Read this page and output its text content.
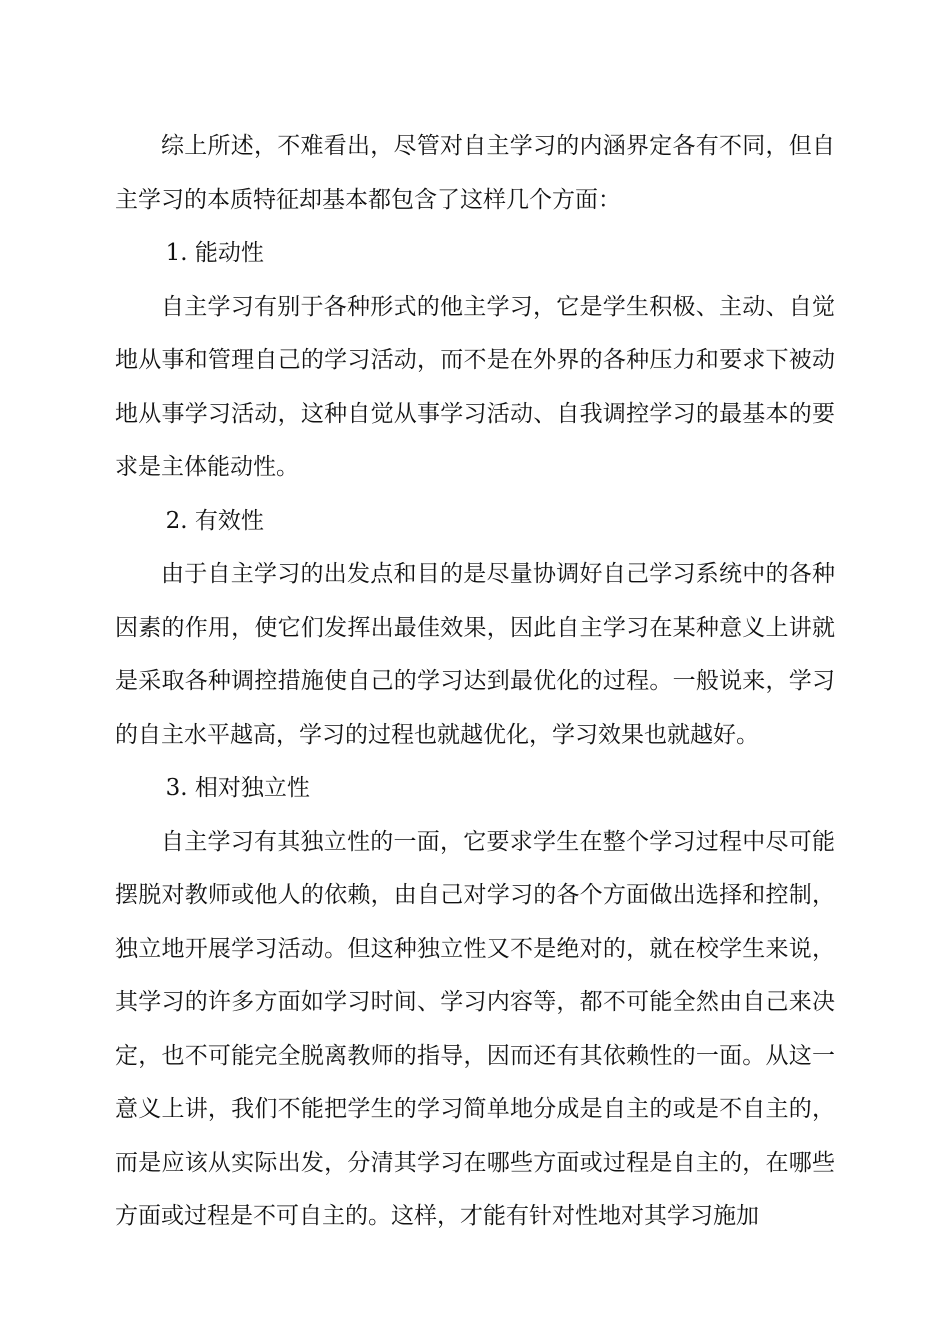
综上所述，不难看出，尽管对自主学习的内涵界定各有不同，但自主学习的本质特征却基本都包含了这样几个方面：

1. 能动性

自主学习有别于各种形式的他主学习，它是学生积极、主动、自觉地从事和管理自己的学习活动，而不是在外界的各种压力和要求下被动地从事学习活动，这种自觉从事学习活动、自我调控学习的最基本的要求是主体能动性。

2. 有效性

由于自主学习的出发点和目的是尽量协调好自己学习系统中的各种因素的作用，使它们发挥出最佳效果，因此自主学习在某种意义上讲就是采取各种调控措施使自己的学习达到最优化的过程。一般说来，学习的自主水平越高，学习的过程也就越优化，学习效果也就越好。

3. 相对独立性

自主学习有其独立性的一面，它要求学生在整个学习过程中尽可能摆脱对教师或他人的依赖，由自己对学习的各个方面做出选择和控制，独立地开展学习活动。但这种独立性又不是绝对的，就在校学生来说，其学习的许多方面如学习时间、学习内容等，都不可能全然由自己来决定，也不可能完全脱离教师的指导，因而还有其依赖性的一面。从这一意义上讲，我们不能把学生的学习简单地分成是自主的或是不自主的，而是应该从实际出发，分清其学习在哪些方面或过程是自主的，在哪些方面或过程是不可自主的。这样，才能有针对性地对其学习施加
